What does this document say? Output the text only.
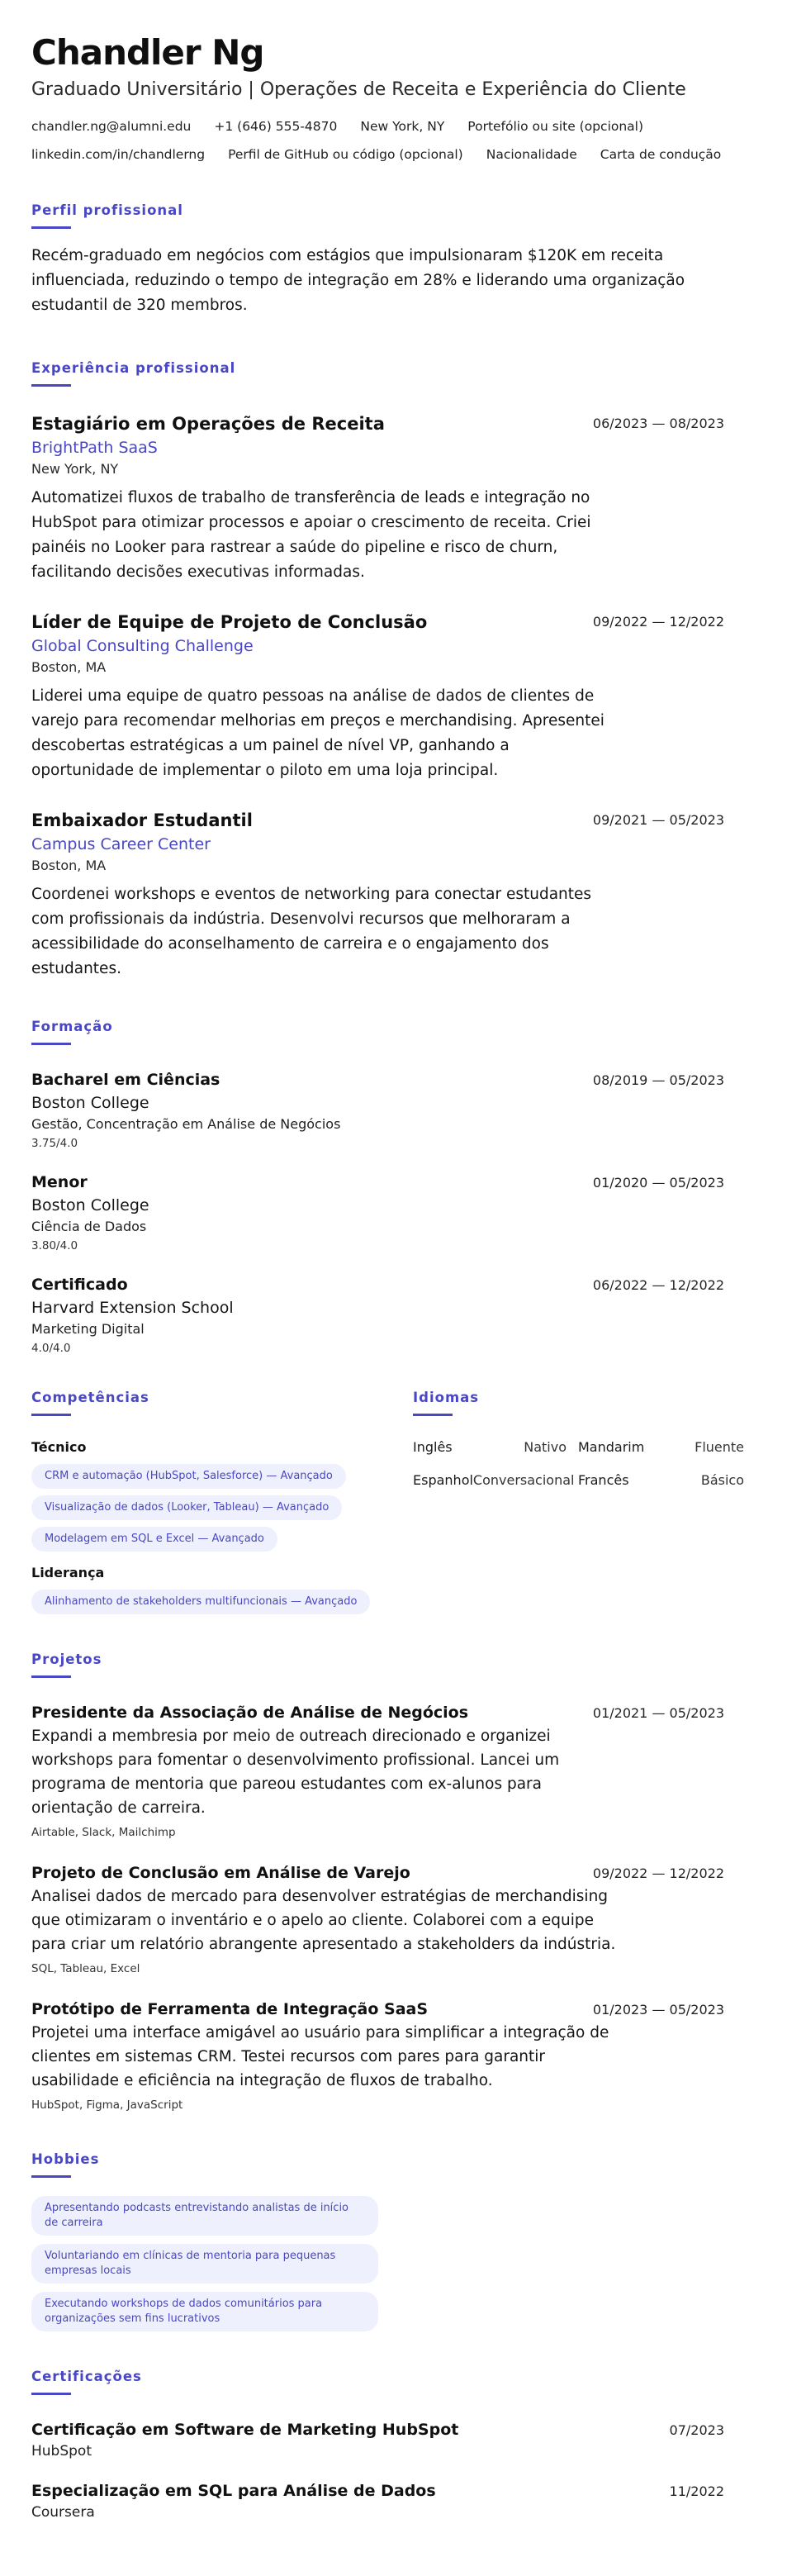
Chandler Ng
Graduado Universitário | Operações de Receita e Experiência do Cliente
chandler.ng@alumni.edu +1 (646) 555-4870 New York, NY Portefólio ou site (opcional)
linkedin.com/in/chandlerng Perfil de GitHub ou código (opcional) Nacionalidade Carta de condução
Perfil profissional

Recém-graduado em negócios com estágios que impulsionaram $120K em receita influenciada, reduzindo o tempo de integração em 28% e liderando uma organização estudantil de 320 membros.

Experiência profissional
Estagiário em Operações de Receita	06/2023 — 08/2023
BrightPath SaaS
New York, NY

Automatizei fluxos de trabalho de transferência de leads e integração no HubSpot para otimizar processos e apoiar o crescimento de receita. Criei painéis no Looker para rastrear a saúde do pipeline e risco de churn, facilitando decisões executivas informadas.

Líder de Equipe de Projeto de Conclusão	09/2022 — 12/2022
Global Consulting Challenge
Boston, MA

Liderei uma equipe de quatro pessoas na análise de dados de clientes de varejo para recomendar melhorias em preços e merchandising. Apresentei descobertas estratégicas a um painel de nível VP, ganhando a oportunidade de implementar o piloto em uma loja principal.

Embaixador Estudantil	09/2021 — 05/2023
Campus Career Center
Boston, MA

Coordenei workshops e eventos de networking para conectar estudantes com profissionais da indústria. Desenvolvi recursos que melhoraram a acessibilidade do aconselhamento de carreira e o engajamento dos estudantes.

Formação
Bacharel em Ciências	08/2019 — 05/2023
Boston College
Gestão, Concentração em Análise de Negócios
3.75/4.0
Menor	01/2020 — 05/2023
Boston College
Ciência de Dados
3.80/4.0
Certificado	06/2022 — 12/2022
Harvard Extension School
Marketing Digital
4.0/4.0
Competências
Técnico
CRM e automação (HubSpot, Salesforce) — Avançado
Visualização de dados (Looker, Tableau) — Avançado
Modelagem em SQL e Excel — Avançado
Liderança
Alinhamento de stakeholders multifuncionais — Avançado
Idiomas
Inglês	Nativo Mandarim	Fluente
Espanhol Conversacional Francês	Básico
Projetos
Presidente da Associação de Análise de Negócios	01/2021 — 05/2023

Expandi a membresia por meio de outreach direcionado e organizei workshops para fomentar o desenvolvimento profissional. Lancei um programa de mentoria que pareou estudantes com ex-alunos para orientação de carreira.

Airtable, Slack, Mailchimp
Projeto de Conclusão em Análise de Varejo	09/2022 — 12/2022

Analisei dados de mercado para desenvolver estratégias de merchandising que otimizaram o inventário e o apelo ao cliente. Colaborei com a equipe para criar um relatório abrangente apresentado a stakeholders da indústria.

SQL, Tableau, Excel
Protótipo de Ferramenta de Integração SaaS	01/2023 — 05/2023

Projetei uma interface amigável ao usuário para simplificar a integração de clientes em sistemas CRM. Testei recursos com pares para garantir usabilidade e eficiência na integração de fluxos de trabalho.

HubSpot, Figma, JavaScript
Hobbies
Apresentando podcasts entrevistando analistas de início de carreira
Voluntariando em clínicas de mentoria para pequenas empresas locais
Executando workshops de dados comunitários para organizações sem fins lucrativos
Certificações
Certificação em Software de Marketing HubSpot	07/2023
HubSpot
Especialização em SQL para Análise de Dados	11/2022
Coursera
